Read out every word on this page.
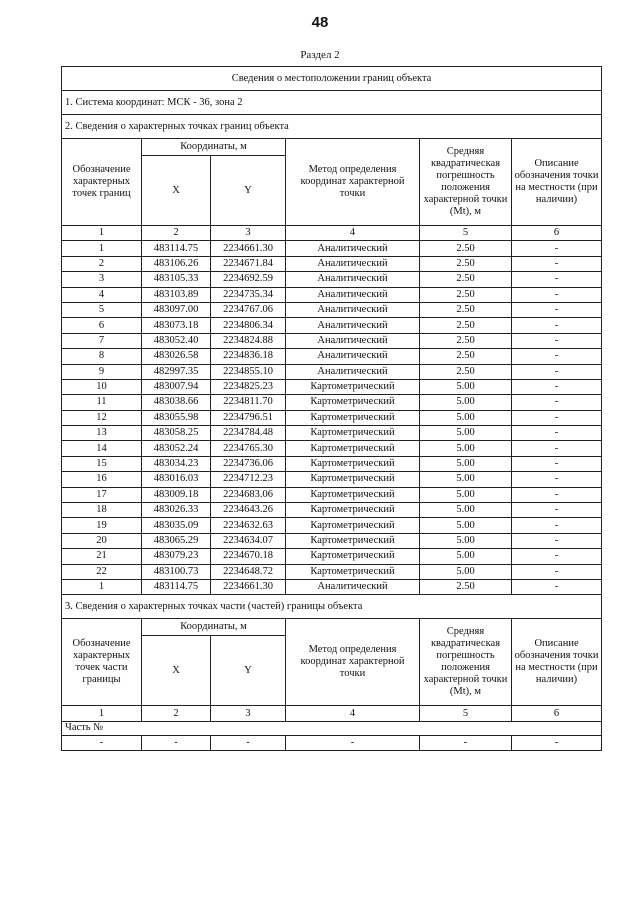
48
Раздел 2
Сведения о местоположении границ объекта					
1. Система координат: МСК - 36, зона 2					
2. Сведения о характерных точках границ объекта					
Обозначение характерных точек границ	Координаты, м		Метод определения координат характерной точки	Средняя квадратическая погрешность положения характерной точки (Mt), м	Описание обозначения точки на местности (при наличии)
	X	Y			
1	2	3	4	5	6
1	483114.75	2234661.30	Аналитический	2.50	-
2	483106.26	2234671.84	Аналитический	2.50	-
3	483105.33	2234692.59	Аналитический	2.50	-
4	483103.89	2234735.34	Аналитический	2.50	-
5	483097.00	2234767.06	Аналитический	2.50	-
6	483073.18	2234806.34	Аналитический	2.50	-
7	483052.40	2234824.88	Аналитический	2.50	-
8	483026.58	2234836.18	Аналитический	2.50	-
9	482997.35	2234855.10	Аналитический	2.50	-
10	483007.94	2234825.23	Картометрический	5.00	-
11	483038.66	2234811.70	Картометрический	5.00	-
12	483055.98	2234796.51	Картометрический	5.00	-
13	483058.25	2234784.48	Картометрический	5.00	-
14	483052.24	2234765.30	Картометрический	5.00	-
15	483034.23	2234736.06	Картометрический	5.00	-
16	483016.03	2234712.23	Картометрический	5.00	-
17	483009.18	2234683.06	Картометрический	5.00	-
18	483026.33	2234643.26	Картометрический	5.00	-
19	483035.09	2234632.63	Картометрический	5.00	-
20	483065.29	2234634.07	Картометрический	5.00	-
21	483079.23	2234670.18	Картометрический	5.00	-
22	483100.73	2234648.72	Картометрический	5.00	-
1	483114.75	2234661.30	Аналитический	2.50	-
3. Сведения о характерных точках части (частей) границы объекта					
Обозначение характерных точек части границы	Координаты, м		Метод определения координат характерной точки	Средняя квадратическая погрешность положения характерной точки (Mt), м	Описание обозначения точки на местности (при наличии)
	X	Y			
1	2	3	4	5	6
Часть №					
-	-	-	-	-	-
